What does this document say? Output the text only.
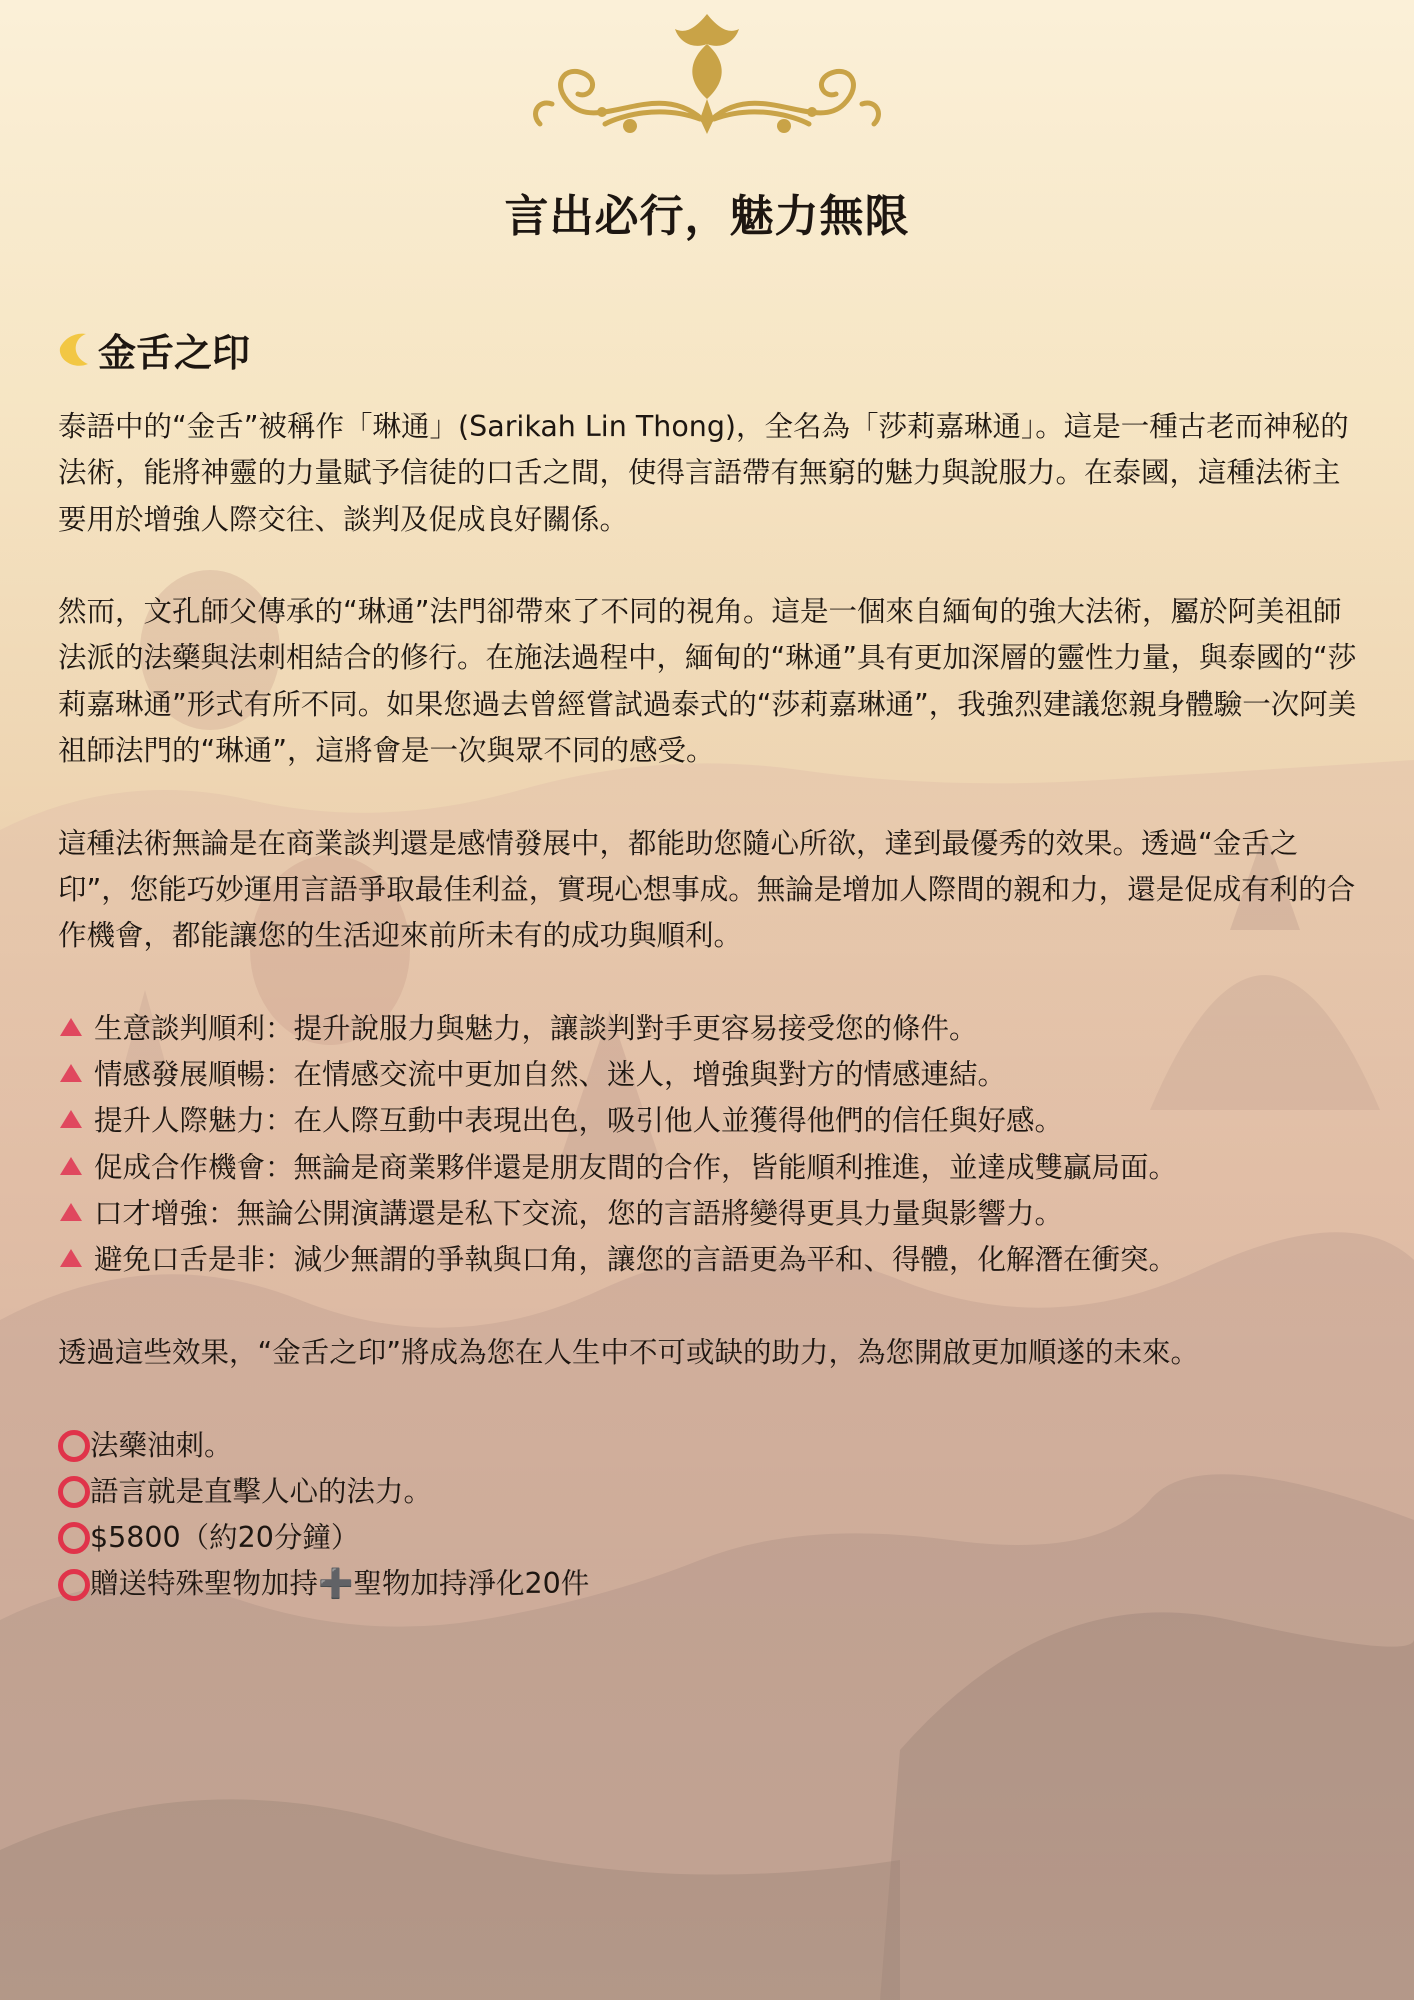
言出必行，魅力無限
金舌之印

泰語中的“金舌”被稱作「琳通」(Sarikah Lin Thong)，全名為「莎莉嘉琳通」。這是一種古老而神秘的法術，能將神靈的力量賦予信徒的口舌之間，使得言語帶有無窮的魅力與說服力。在泰國，這種法術主要用於增強人際交往、談判及促成良好關係。

然而，文孔師父傳承的“琳通”法門卻帶來了不同的視角。這是一個來自緬甸的強大法術，屬於阿美祖師法派的法藥與法刺相結合的修行。在施法過程中，緬甸的“琳通”具有更加深層的靈性力量，與泰國的“莎莉嘉琳通”形式有所不同。如果您過去曾經嘗試過泰式的“莎莉嘉琳通”，我強烈建議您親身體驗一次阿美祖師法門的“琳通”，這將會是一次與眾不同的感受。

這種法術無論是在商業談判還是感情發展中，都能助您隨心所欲，達到最優秀的效果。透過“金舌之印”，您能巧妙運用言語爭取最佳利益，實現心想事成。無論是增加人際間的親和力，還是促成有利的合作機會，都能讓您的生活迎來前所未有的成功與順利。

生意談判順利：提升說服力與魅力，讓談判對手更容易接受您的條件。
情感發展順暢：在情感交流中更加自然、迷人，增強與對方的情感連結。
提升人際魅力：在人際互動中表現出色，吸引他人並獲得他們的信任與好感。
促成合作機會：無論是商業夥伴還是朋友間的合作，皆能順利推進，並達成雙贏局面。
口才增強：無論公開演講還是私下交流，您的言語將變得更具力量與影響力。
避免口舌是非：減少無謂的爭執與口角，讓您的言語更為平和、得體，化解潛在衝突。

透過這些效果，“金舌之印”將成為您在人生中不可或缺的助力，為您開啟更加順遂的未來。

法藥油刺。
語言就是直擊人心的法力。
$5800（約20分鐘）
贈送特殊聖物加持 ➕ 聖物加持淨化20件
